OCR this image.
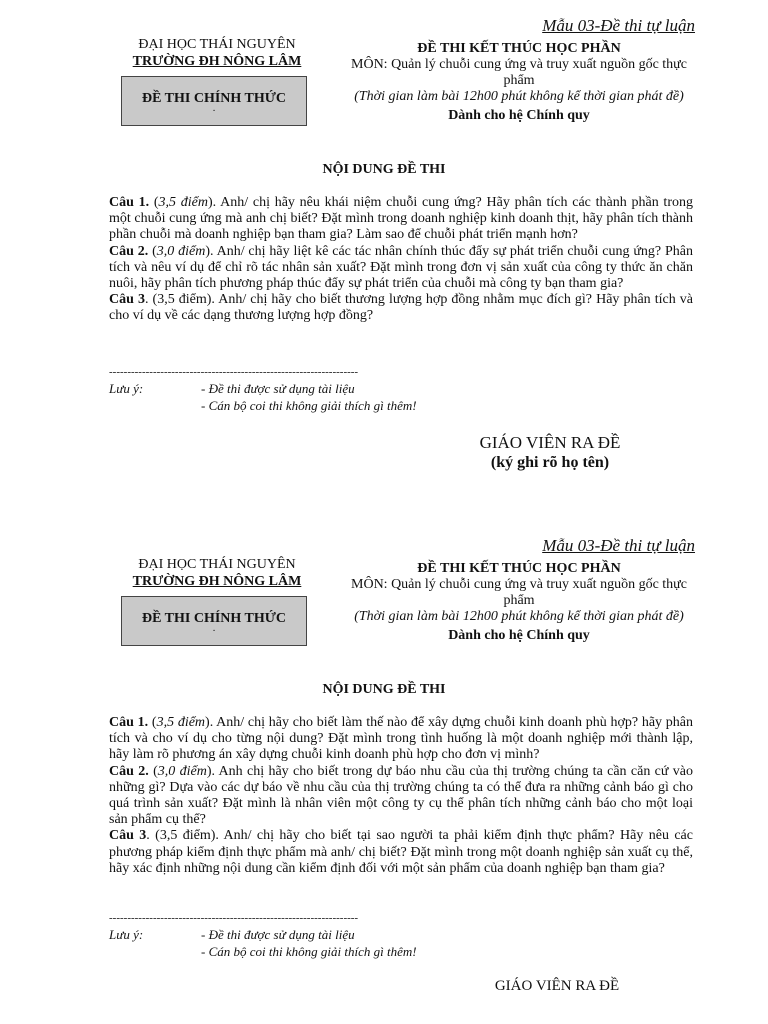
Mẫu 03-Đề thi tự luận
ĐẠI HỌC THÁI NGUYÊN
TRƯỜNG ĐH NÔNG LÂM
ĐỀ THI CHÍNH THỨC
·
ĐỀ THI KẾT THÚC HỌC PHẦN
MÔN: Quản lý chuỗi cung ứng và truy xuất nguồn gốc thực phẩm
(Thời gian làm bài 12h00 phút không kể thời gian phát đề)
Dành cho hệ Chính quy
NỘI DUNG ĐỀ THI

Câu 1. (3,5 điểm). Anh/ chị hãy nêu khái niệm chuỗi cung ứng? Hãy phân tích các thành phần trong một chuỗi cung ứng mà anh chị biết? Đặt mình trong doanh nghiệp kinh doanh thịt, hãy phân tích thành phần chuỗi mà doanh nghiệp bạn tham gia? Làm sao để chuỗi phát triển mạnh hơn?

Câu 2. (3,0 điểm). Anh/ chị hãy liệt kê các tác nhân chính thúc đẩy sự phát triển chuỗi cung ứng? Phân tích và nêu ví dụ để chỉ rõ tác nhân sản xuất? Đặt mình trong đơn vị sản xuất của công ty thức ăn chăn nuôi, hãy phân tích phương pháp thúc đẩy sự phát triển của chuỗi mà công ty bạn tham gia?

Câu 3. (3,5 điểm). Anh/ chị hãy cho biết thương lượng hợp đồng nhằm mục đích gì? Hãy phân tích và cho ví dụ về các dạng thương lượng hợp đồng?

--------------------------------------------------------------------
Lưu ý:	- Đề thi được sử dụng tài liệu
- Cán bộ coi thi không giải thích gì thêm!
GIÁO VIÊN RA ĐỀ
(ký ghi rõ họ tên)
Mẫu 03-Đề thi tự luận
ĐẠI HỌC THÁI NGUYÊN
TRƯỜNG ĐH NÔNG LÂM
ĐỀ THI CHÍNH THỨC
·
ĐỀ THI KẾT THÚC HỌC PHẦN
MÔN: Quản lý chuỗi cung ứng và truy xuất nguồn gốc thực phẩm
(Thời gian làm bài 12h00 phút không kể thời gian phát đề)
Dành cho hệ Chính quy
NỘI DUNG ĐỀ THI

Câu 1. (3,5 điểm). Anh/ chị hãy cho biết làm thế nào để xây dựng chuỗi kinh doanh phù hợp? hãy phân tích và cho ví dụ cho từng nội dung? Đặt mình trong tình huống là một doanh nghiệp mới thành lập, hãy làm rõ phương án xây dựng chuỗi kinh doanh phù hợp cho đơn vị mình?

Câu 2. (3,0 điểm). Anh chị hãy cho biết trong dự báo nhu cầu của thị trường chúng ta cần căn cứ vào những gì? Dựa vào các dự báo về nhu cầu của thị trường chúng ta có thể đưa ra những cảnh báo gì cho quá trình sản xuất? Đặt mình là nhân viên một công ty cụ thể phân tích những cảnh báo cho một loại sản phẩm cụ thể?

Câu 3. (3,5 điểm). Anh/ chị hãy cho biết tại sao người ta phải kiểm định thực phẩm? Hãy nêu các phương pháp kiểm định thực phẩm mà anh/ chị biết? Đặt mình trong một doanh nghiệp sản xuất cụ thể, hãy xác định những nội dung cần kiểm định đối với một sản phẩm của doanh nghiệp bạn tham gia?

--------------------------------------------------------------------
Lưu ý:	- Đề thi được sử dụng tài liệu
- Cán bộ coi thi không giải thích gì thêm!
GIÁO VIÊN RA ĐỀ
